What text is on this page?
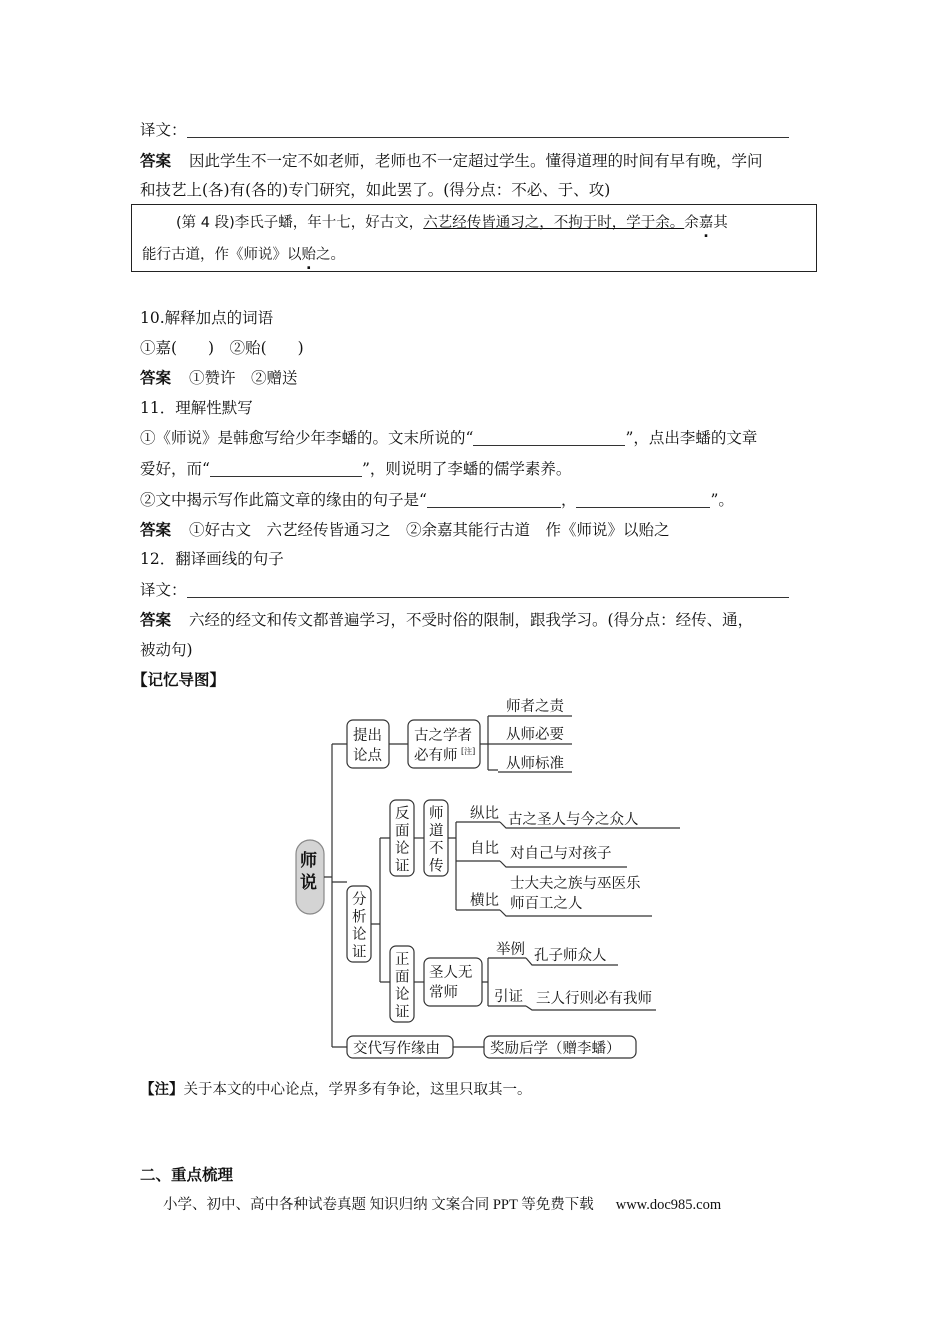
译文：
答案 因此学生不一定不如老师，老师也不一定超过学生。懂得道理的时间有早有晚，学问
和技艺上(各)有(各的)专门研究，如此罢了。(得分点：不必、于、攻)
(第 4 段)李氏子蟠，年十七，好古文，六艺经传皆通习之，不拘于时，学于余。余嘉其
能行古道，作《师说》以贻之。
10.解释加点的词语
①嘉(　　)　②贻(　　)
答案 ①赞许　②赠送
11．理解性默写
①《师说》是韩愈写给少年李蟠的。文末所说的“	”，点出李蟠的文章
爱好，而“	”，则说明了李蟠的儒学素养。
②文中揭示写作此篇文章的缘由的句子是“	，	”。
答案 ①好古文　六艺经传皆通习之　②余嘉其能行古道　作《师说》以贻之
12．翻译画线的句子
译文：
答案 六经的经文和传文都普遍学习，不受时俗的限制，跟我学习。(得分点：经传、通，
被动句)
【记忆导图】
师
说
提出
论点
古之学者
必有师 [注]
师者之责
从师必要
从师标准
分
析
论
证
反
面
论
证
师
道
不
传
正
面
论
证
纵比 古之圣人与今之众人
自比 对自己与对孩子
横比
士大夫之族与巫医乐
师百工之人
圣人无
常师
举例 孔子师众人
引证 三人行则必有我师
交代写作缘由	奖励后学（赠李蟠）
【注】关于本文的中心论点，学界多有争论，这里只取其一。
二、重点梳理
小学、初中、高中各种试卷真题 知识归纳 文案合同 PPT 等免费下载 www.doc985.com
